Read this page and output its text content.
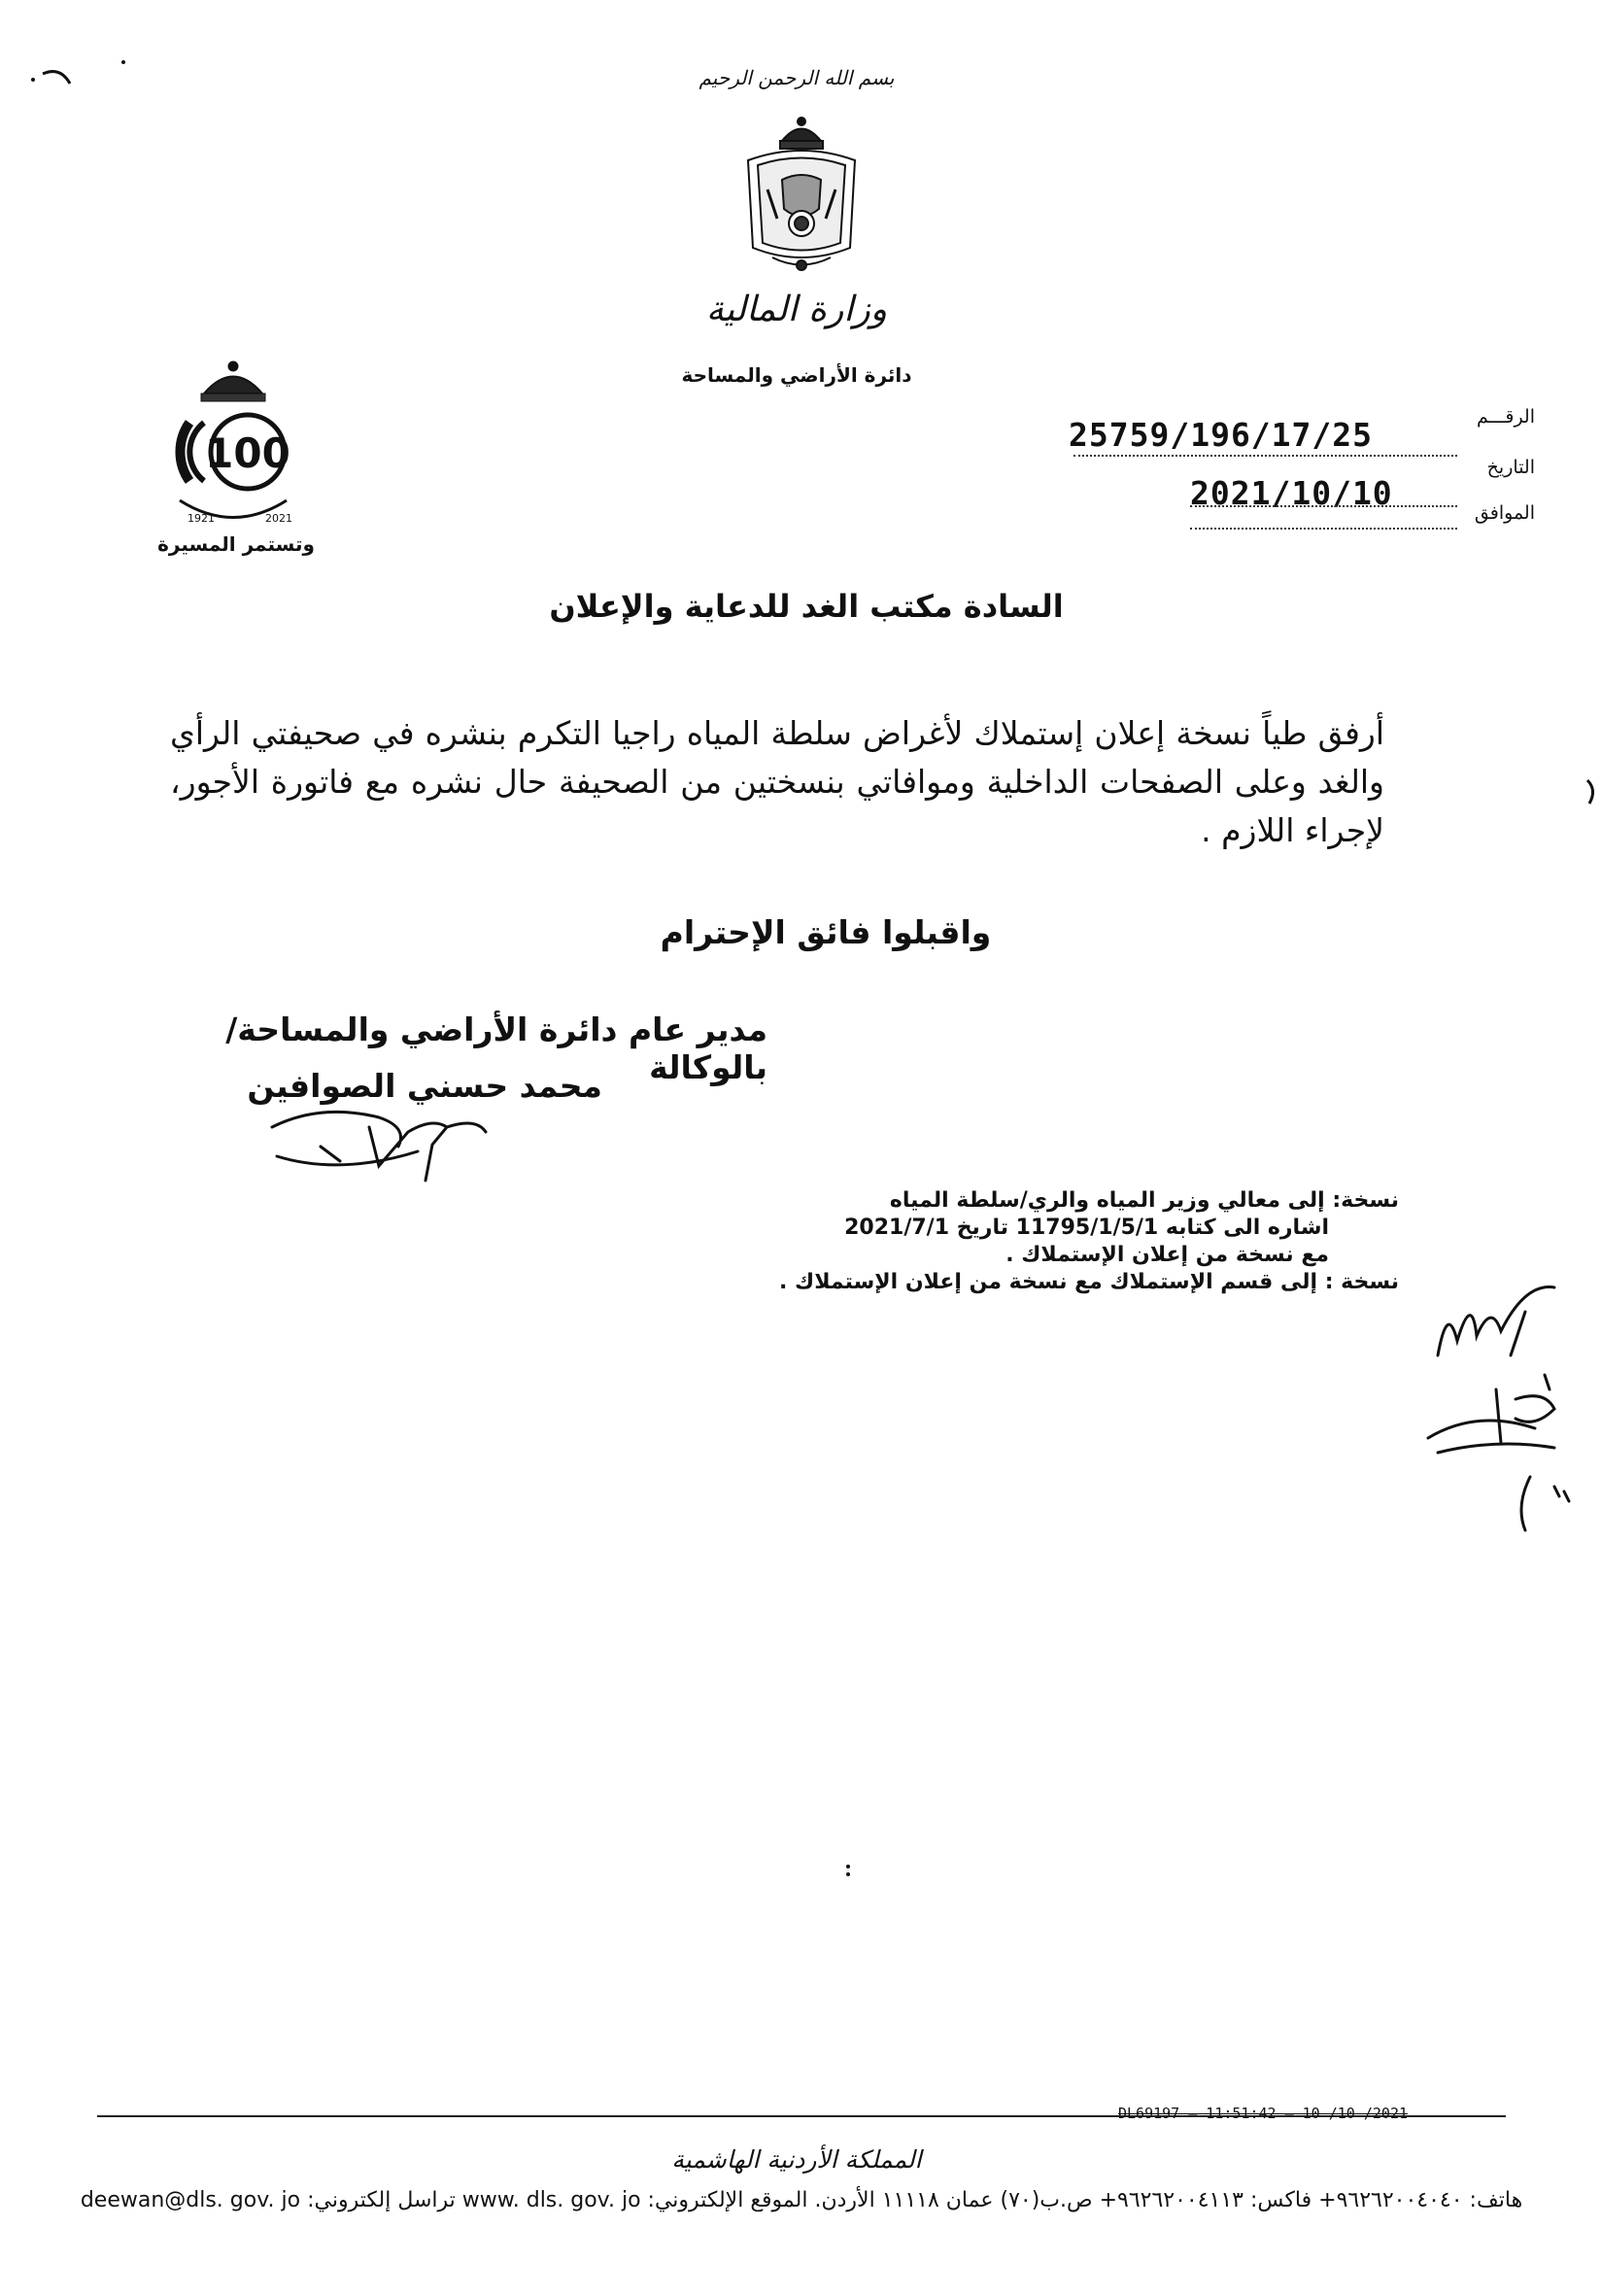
بسم الله الرحمن الرحيم
وزارة المالية
دائرة الأراضي والمساحة
100
1921	2021
وتستمر المسيرة
الرقـــم
التاريخ
الموافق
25759/196/17/25
2021/10/10
السادة مكتب الغد للدعاية والإعلان
أرفق طياً نسخة إعلان إستملاك لأغراض سلطة المياه راجيا التكرم بنشره في صحيفتي الرأي والغد وعلى الصفحات الداخلية وموافاتي بنسختين من الصحيفة حال نشره مع فاتورة الأجور، لإجراء اللازم .
واقبلوا فائق الإحترام
مدير عام دائرة الأراضي والمساحة/بالوكالة
محمد حسني الصوافين
نسخة: إلى معالي وزير المياه والري/سلطة المياه
اشاره الى كتابه 11795/1/5/1 تاريخ 2021/7/1
مع نسخة من إعلان الإستملاك .
نسخة : إلى قسم الإستملاك مع نسخة من إعلان الإستملاك .
DL69197 — 11:51:42 — 10 /10 /2021
المملكة الأردنية الهاشمية
هاتف: ٩٦٢٦٢٠٠٤٠٤٠+ فاكس: ٩٦٢٦٢٠٠٤١١٣+ ص.ب(٧٠) عمان ١١١١٨ الأردن. الموقع الإلكتروني: www. dls. gov. jo تراسل إلكتروني: deewan@dls. gov. jo
